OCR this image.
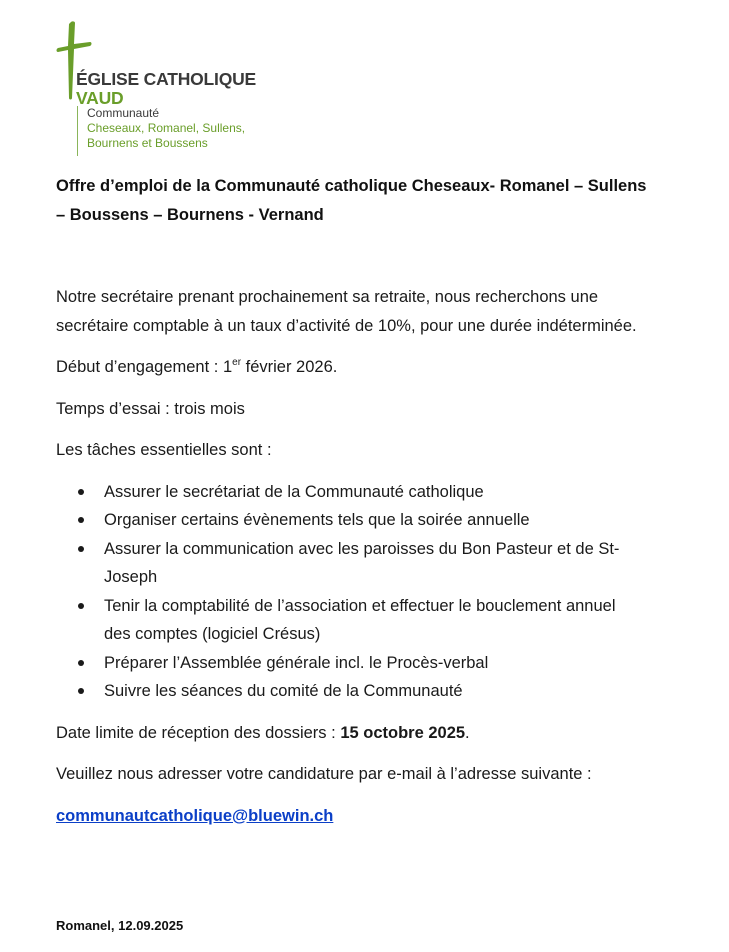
ÉGLISE CATHOLIQUE
VAUD
Communauté
Cheseaux, Romanel, Sullens,
Bournens et Boussens
Offre d’emploi de la Communauté catholique Cheseaux- Romanel – Sullens – Boussens – Bournens - Vernand

Notre secrétaire prenant prochainement sa retraite, nous recherchons une secrétaire comptable à un taux d’activité de 10%, pour une durée indéterminée.

Début d’engagement : 1er février 2026.

Temps d’essai : trois mois

Les tâches essentielles sont :

Assurer le secrétariat de la Communauté catholique
Organiser certains évènements tels que la soirée annuelle
Assurer la communication avec les paroisses du Bon Pasteur et de St-Joseph
Tenir la comptabilité de l’association et effectuer le bouclement annuel des comptes (logiciel Crésus)
Préparer l’Assemblée générale incl. le Procès-verbal
Suivre les séances du comité de la Communauté

Date limite de réception des dossiers : 15 octobre 2025.

Veuillez nous adresser votre candidature par e-mail à l’adresse suivante :

communautcatholique@bluewin.ch

Romanel, 12.09.2025
